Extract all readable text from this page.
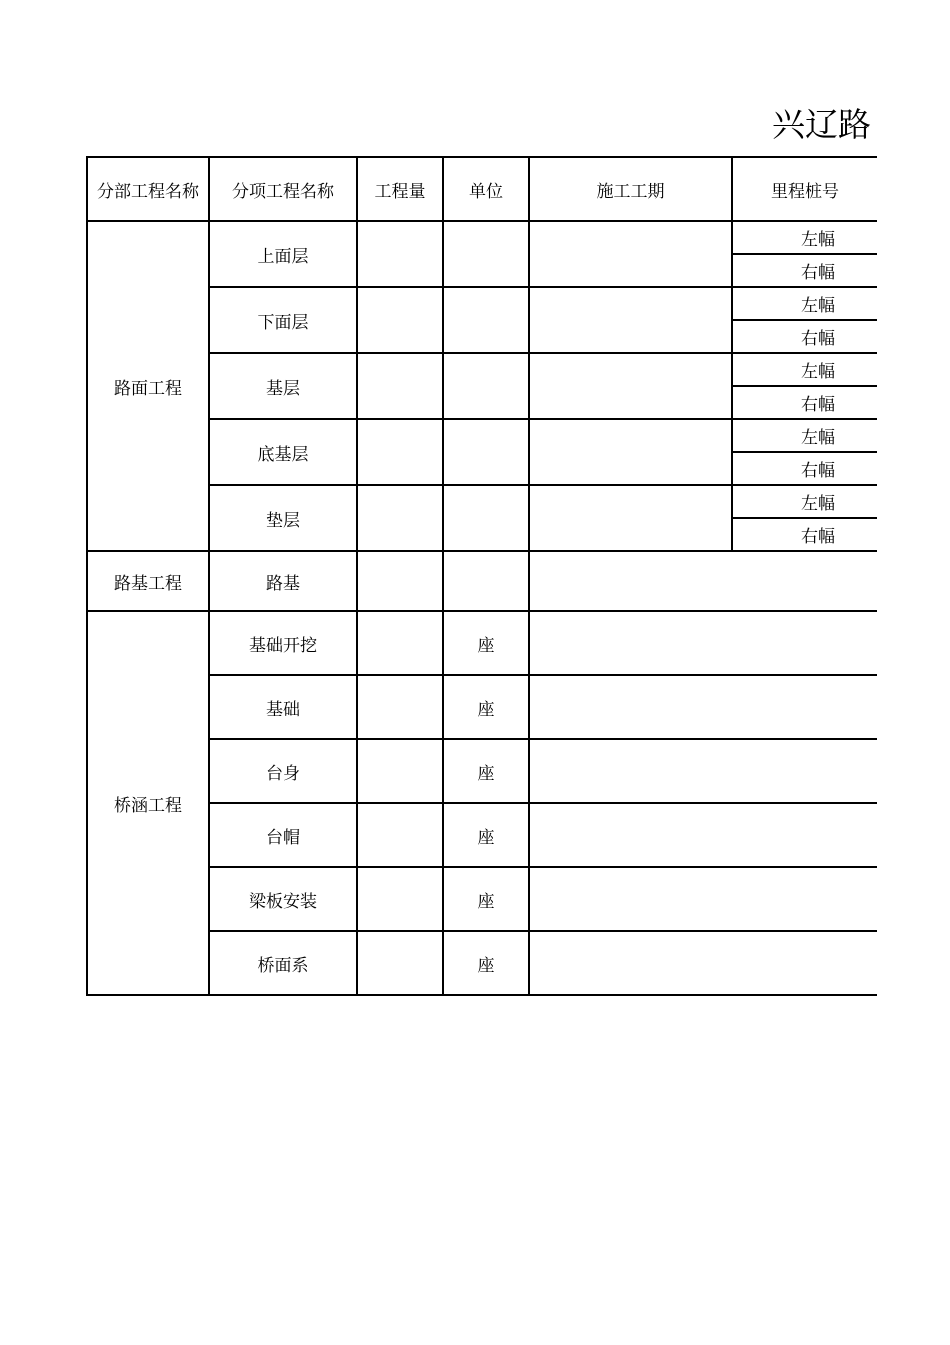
兴辽路
分部工程名称	分项工程名称	工程量	单位	施工工期	里程桩号
路面工程	上面层				左幅
					右幅
	下面层				左幅
					右幅
	基层				左幅
					右幅
	底基层				左幅
					右幅
	垫层				左幅
					右幅
路基工程	路基				
桥涵工程	基础开挖		座		
	基础		座		
	台身		座		
	台帽		座		
	梁板安装		座		
	桥面系		座		
